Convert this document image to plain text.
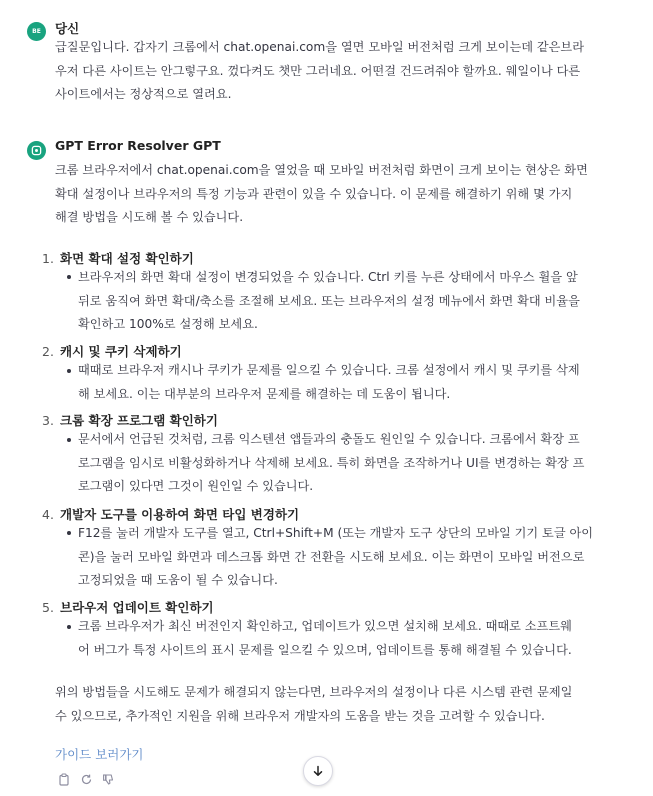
BE 당신
급질문입니다. 갑자기 크롬에서 chat.openai.com을 열면 모바일 버전처럼 크게 보이는데 같은브라
우저 다른 사이트는 안그렇구요. 껐다켜도 챗만 그러네요. 어떤걸 건드려줘야 할까요. 웨일이나 다른
사이트에서는 정상적으로 열려요.
GPT Error Resolver GPT
크롬 브라우저에서 chat.openai.com을 열었을 때 모바일 버전처럼 화면이 크게 보이는 현상은 화면
확대 설정이나 브라우저의 특정 기능과 관련이 있을 수 있습니다. 이 문제를 해결하기 위해 몇 가지
해결 방법을 시도해 볼 수 있습니다.
1. 화면 확대 설정 확인하기
브라우저의 화면 확대 설정이 변경되었을 수 있습니다. Ctrl 키를 누른 상태에서 마우스 휠을 앞
뒤로 움직여 화면 확대/축소를 조절해 보세요. 또는 브라우저의 설정 메뉴에서 화면 확대 비율을
확인하고 100%로 설정해 보세요.
2. 캐시 및 쿠키 삭제하기
때때로 브라우저 캐시나 쿠키가 문제를 일으킬 수 있습니다. 크롬 설정에서 캐시 및 쿠키를 삭제
해 보세요. 이는 대부분의 브라우저 문제를 해결하는 데 도움이 됩니다.
3. 크롬 확장 프로그램 확인하기
문서에서 언급된 것처럼, 크롬 익스텐션 앱들과의 충돌도 원인일 수 있습니다. 크롬에서 확장 프
로그램을 임시로 비활성화하거나 삭제해 보세요. 특히 화면을 조작하거나 UI를 변경하는 확장 프
로그램이 있다면 그것이 원인일 수 있습니다.
4. 개발자 도구를 이용하여 화면 타입 변경하기
F12를 눌러 개발자 도구를 열고, Ctrl+Shift+M (또는 개발자 도구 상단의 모바일 기기 토글 아이
콘)을 눌러 모바일 화면과 데스크톱 화면 간 전환을 시도해 보세요. 이는 화면이 모바일 버전으로
고정되었을 때 도움이 될 수 있습니다.
5. 브라우저 업데이트 확인하기
크롬 브라우저가 최신 버전인지 확인하고, 업데이트가 있으면 설치해 보세요. 때때로 소프트웨
어 버그가 특정 사이트의 표시 문제를 일으킬 수 있으며, 업데이트를 통해 해결될 수 있습니다.
위의 방법들을 시도해도 문제가 해결되지 않는다면, 브라우저의 설정이나 다른 시스템 관련 문제일
수 있으므로, 추가적인 지원을 위해 브라우저 개발자의 도움을 받는 것을 고려할 수 있습니다.
가이드 보러가기
